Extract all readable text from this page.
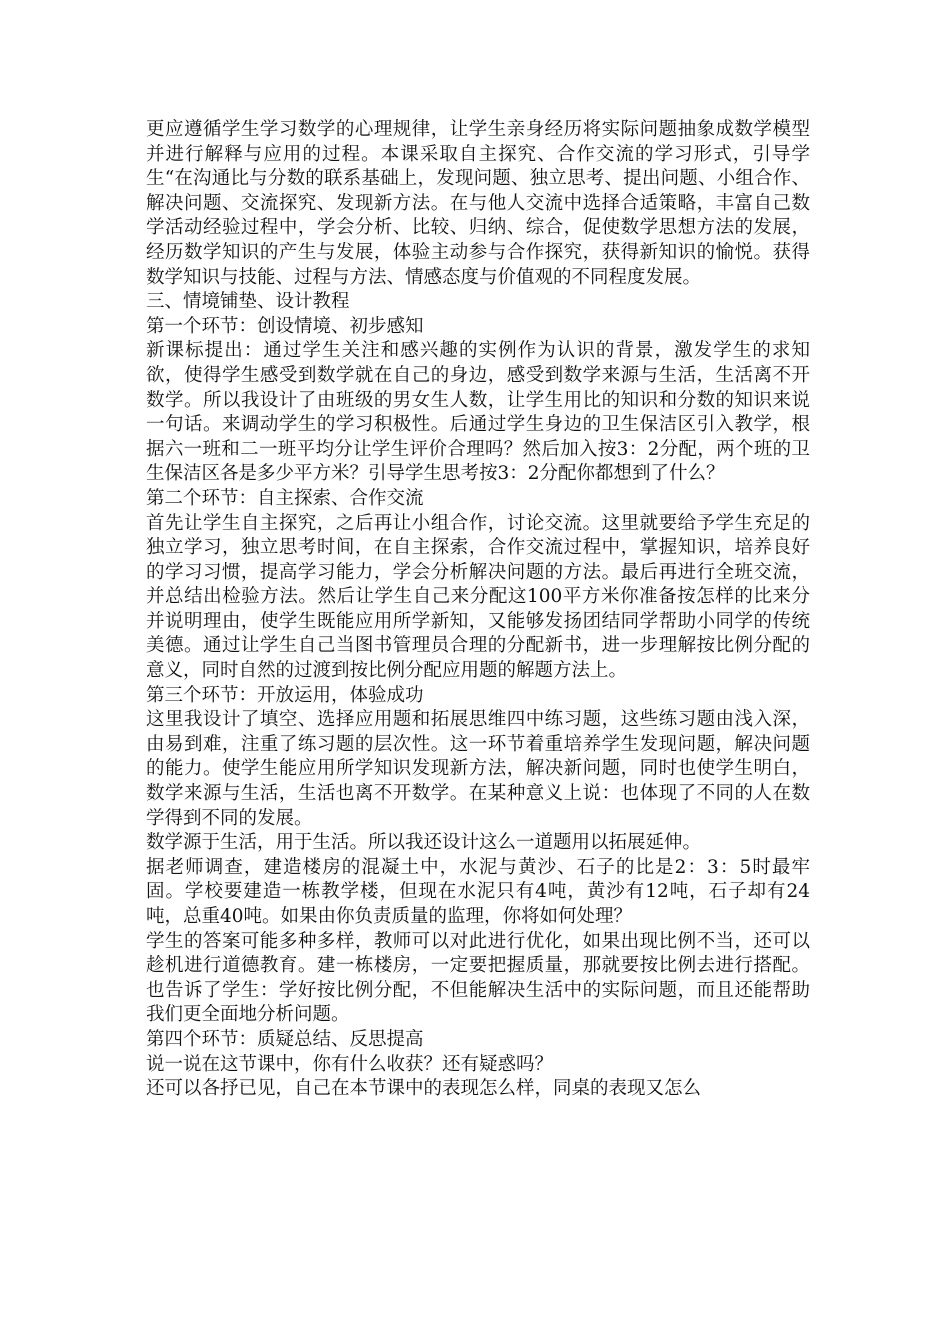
更应遵循学生学习数学的心理规律，让学生亲身经历将实际问题抽象成数学模型并进行解释与应用的过程。本课采取自主探究、合作交流的学习形式，引导学生“在沟通比与分数的联系基础上，发现问题、独立思考、提出问题、小组合作、解决问题、交流探究、发现新方法。在与他人交流中选择合适策略，丰富自己数学活动经验过程中，学会分析、比较、归纳、综合，促使数学思想方法的发展，经历数学知识的产生与发展，体验主动参与合作探究，获得新知识的愉悦。获得数学知识与技能、过程与方法、情感态度与价值观的不同程度发展。

三、情境铺垫、设计教程

第一个环节：创设情境、初步感知

新课标提出：通过学生关注和感兴趣的实例作为认识的背景，激发学生的求知欲，使得学生感受到数学就在自己的身边，感受到数学来源与生活，生活离不开数学。所以我设计了由班级的男女生人数，让学生用比的知识和分数的知识来说一句话。来调动学生的学习积极性。后通过学生身边的卫生保洁区引入教学，根据六一班和二一班平均分让学生评价合理吗？然后加入按3：2分配，两个班的卫生保洁区各是多少平方米？引导学生思考按3：2分配你都想到了什么？

第二个环节：自主探索、合作交流

首先让学生自主探究，之后再让小组合作，讨论交流。这里就要给予学生充足的独立学习，独立思考时间，在自主探索，合作交流过程中，掌握知识，培养良好的学习习惯，提高学习能力，学会分析解决问题的方法。最后再进行全班交流，并总结出检验方法。然后让学生自己来分配这100平方米你准备按怎样的比来分并说明理由，使学生既能应用所学新知，又能够发扬团结同学帮助小同学的传统美德。通过让学生自己当图书管理员合理的分配新书，进一步理解按比例分配的意义，同时自然的过渡到按比例分配应用题的解题方法上。

第三个环节：开放运用，体验成功

这里我设计了填空、选择应用题和拓展思维四中练习题，这些练习题由浅入深，由易到难，注重了练习题的层次性。这一环节着重培养学生发现问题，解决问题的能力。使学生能应用所学知识发现新方法，解决新问题，同时也使学生明白，数学来源与生活，生活也离不开数学。在某种意义上说：也体现了不同的人在数学得到不同的发展。

数学源于生活，用于生活。所以我还设计这么一道题用以拓展延伸。

据老师调查，建造楼房的混凝土中，水泥与黄沙、石子的比是2：3：5时最牢固。学校要建造一栋教学楼，但现在水泥只有4吨，黄沙有12吨，石子却有24吨，总重40吨。如果由你负责质量的监理，你将如何处理？

学生的答案可能多种多样，教师可以对此进行优化，如果出现比例不当，还可以趁机进行道德教育。建一栋楼房，一定要把握质量，那就要按比例去进行搭配。也告诉了学生：学好按比例分配，不但能解决生活中的实际问题，而且还能帮助我们更全面地分析问题。

第四个环节：质疑总结、反思提高

说一说在这节课中，你有什么收获？还有疑惑吗？

还可以各抒已见，自己在本节课中的表现怎么样，同桌的表现又怎么
